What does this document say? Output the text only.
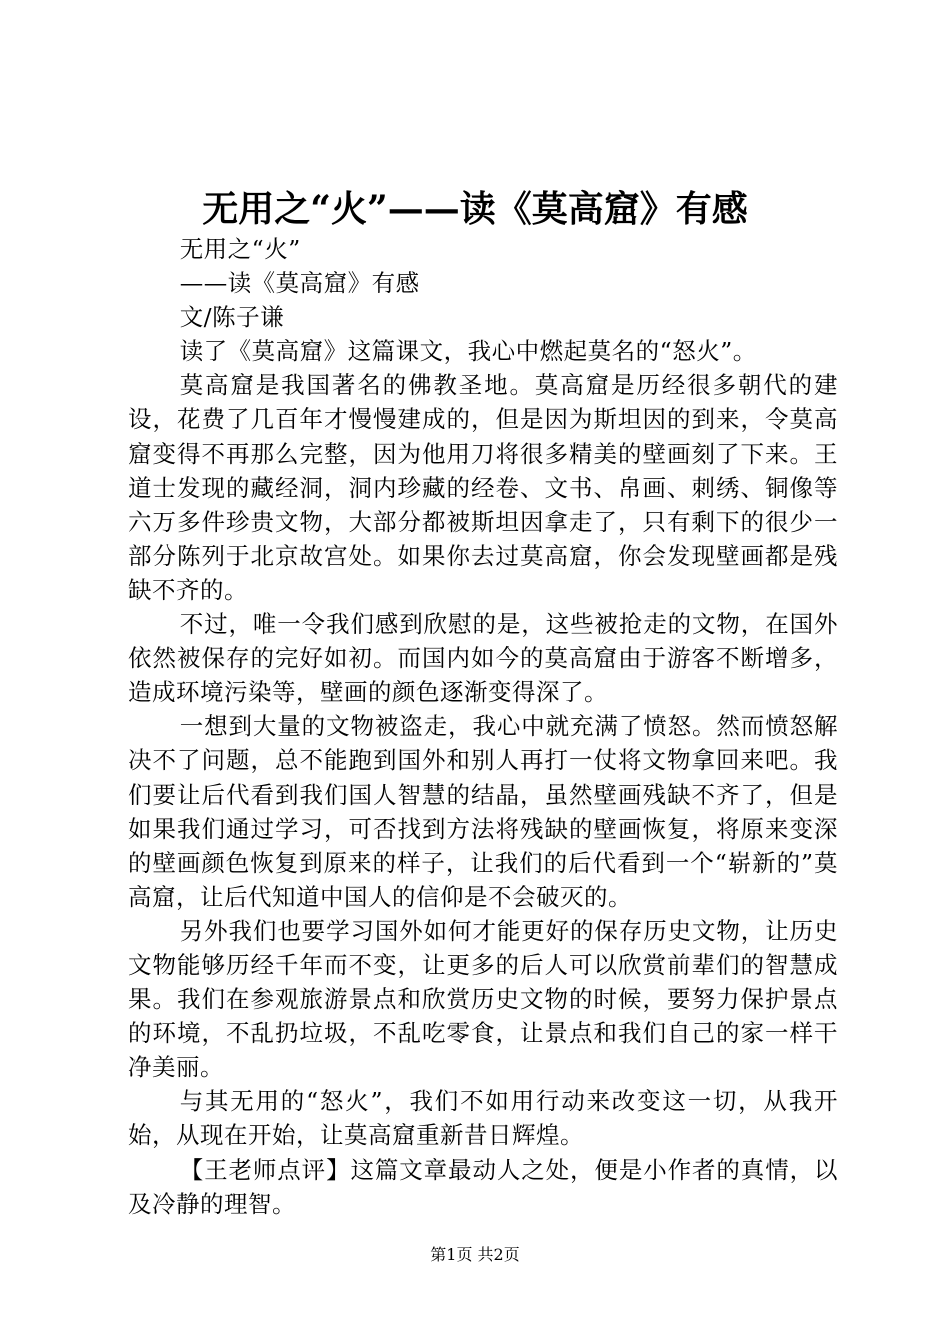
无用之“火”——读《莫高窟》有感

无用之“火”

——读《莫高窟》有感

文/陈子谦

读了《莫高窟》这篇课文，我心中燃起莫名的“怒火”。

莫高窟是我国著名的佛教圣地。莫高窟是历经很多朝代的建设，花费了几百年才慢慢建成的，但是因为斯坦因的到来，令莫高窟变得不再那么完整，因为他用刀将很多精美的壁画刻了下来。王道士发现的藏经洞，洞内珍藏的经卷、文书、帛画、刺绣、铜像等六万多件珍贵文物，大部分都被斯坦因拿走了，只有剩下的很少一部分陈列于北京故宫处。如果你去过莫高窟，你会发现壁画都是残缺不齐的。

不过，唯一令我们感到欣慰的是，这些被抢走的文物，在国外依然被保存的完好如初。而国内如今的莫高窟由于游客不断增多，造成环境污染等，壁画的颜色逐渐变得深了。

一想到大量的文物被盗走，我心中就充满了愤怒。然而愤怒解决不了问题，总不能跑到国外和别人再打一仗将文物拿回来吧。我们要让后代看到我们国人智慧的结晶，虽然壁画残缺不齐了，但是如果我们通过学习，可否找到方法将残缺的壁画恢复，将原来变深的壁画颜色恢复到原来的样子，让我们的后代看到一个“崭新的”莫高窟，让后代知道中国人的信仰是不会破灭的。

另外我们也要学习国外如何才能更好的保存历史文物，让历史文物能够历经千年而不变，让更多的后人可以欣赏前辈们的智慧成果。我们在参观旅游景点和欣赏历史文物的时候，要努力保护景点的环境，不乱扔垃圾，不乱吃零食，让景点和我们自己的家一样干净美丽。

与其无用的“怒火”，我们不如用行动来改变这一切，从我开始，从现在开始，让莫高窟重新昔日辉煌。

【王老师点评】这篇文章最动人之处，便是小作者的真情，以及冷静的理智。

第1页 共2页
